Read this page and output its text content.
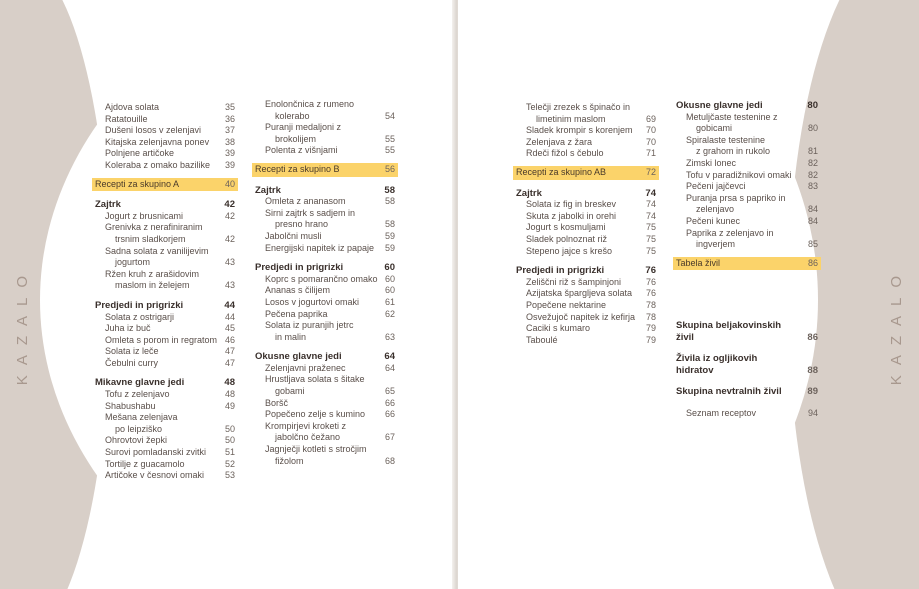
KAZALO
Ajdova solata	35
Ratatouille	36
Dušeni losos v zelenjavi	37
Kitajska zelenjavna ponev 38
Polnjene artičoke	39
Koleraba z omako bazilike 39
Recepti za skupino A	40
Zajtrk	42
Jogurt z brusnicami	42
Grenivka z nerafiniranim
trsnim sladkorjem	42
Sadna solata z vanilijevim
jogurtom	43
Ržen kruh z arašidovim
maslom in želejem	43
Predjedi in prigrizki	44
Solata z ostrigarji	44
Juha iz buč	45
Omleta s porom in regratom 46
Solata iz leče	47
Čebulni curry	47
Mikavne glavne jedi	48
Tofu z zelenjavo	48
Shabushabu	49
Mešana zelenjava
po leipziško	50
Ohrovtovi žepki	50
Surovi pomladanski zvitki 51
Tortilje z guacamolo	52
Artičoke v česnovi omaki 53
Enolončnica z rumeno
kolerabo	54
Puranji medaljoni z
brokolijem	55
Polenta z višnjami	55
Recepti za skupino B	56
Zajtrk	58
Omleta z ananasom	58
Sirni zajtrk s sadjem in
presno hrano	58
Jabolčni musli	59
Energijski napitek iz papaje 59
Predjedi in prigrizki	60
Koprc s pomarančno omako 60
Ananas s čilijem	60
Losos v jogurtovi omaki	61
Pečena paprika	62
Solata iz puranjih jetrc
in malin	63
Okusne glavne jedi	64
Zelenjavni praženec	64
Hrustljava solata s šitake
gobami	65
Boršč	66
Popečeno zelje s kumino 66
Krompirjevi kroketi z
jabolčno čežano	67
Jagnječji kotleti s stročjim
fižolom	68
KAZALO
Telečji zrezek s špinačo in
limetinim maslom	69
Sladek krompir s korenjem 70
Zelenjava z žara	70
Rdeči fižol s čebulo	71
Recepti za skupino AB	72
Zajtrk	74
Solata iz fig in breskev	74
Skuta z jabolki in orehi	74
Jogurt s kosmuljami	75
Sladek polnoznat riž	75
Stepeno jajce s krešo	75
Predjedi in prigrizki	76
Zeliščni riž s šampinjoni	76
Azijatska špargljeva solata 76
Popečene nektarine	78
Osvežujoč napitek iz kefirja 78
Caciki s kumaro	79
Taboulé	79
Okusne glavne jedi	80
Metuljčaste testenine z
gobicami	80
Spiralaste testenine
z grahom in rukolo	81
Zimski lonec	82
Tofu v paradižnikovi omaki 82
Pečeni jajčevci	83
Puranja prsa s papriko in
zelenjavo	84
Pečeni kunec	84
Paprika z zelenjavo in
ingverjem	85
Tabela živil	86
Skupina beljakovinskih
živil	86
Živila iz ogljikovih
hidratov	88
Skupina nevtralnih živil	89
Seznam receptov	94
